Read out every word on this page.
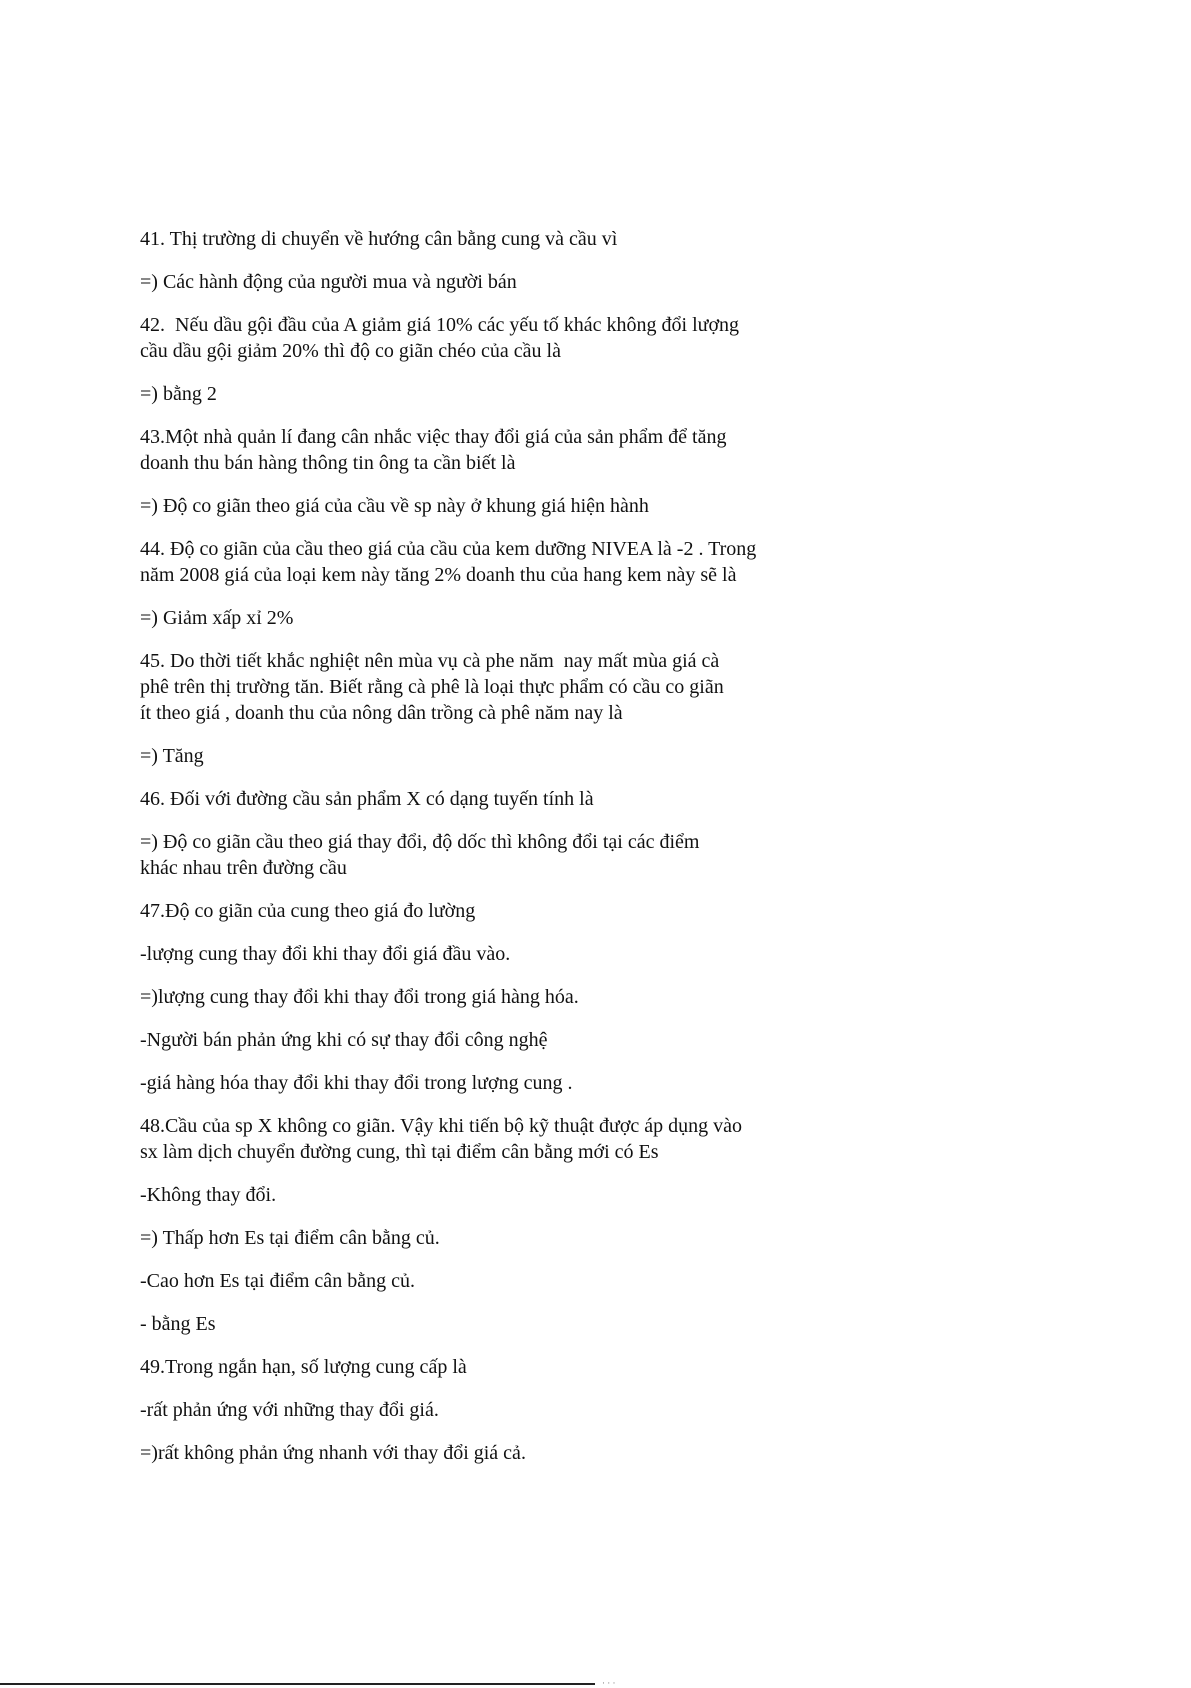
41. Thị trường di chuyển về hướng cân bằng cung và cầu vì
=) Các hành động của người mua và người bán
42.  Nếu dầu gội đầu của A giảm giá 10% các yếu tố khác không đổi lượng
cầu dầu gội giảm 20% thì độ co giãn chéo của cầu là
=) bằng 2
43.Một nhà quản lí đang cân nhắc việc thay đổi giá của sản phẩm để tăng
doanh thu bán hàng thông tin ông ta cần biết là
=) Độ co giãn theo giá của cầu về sp này ở khung giá hiện hành
44. Độ co giãn của cầu theo giá của cầu của kem dưỡng NIVEA là -2 . Trong
năm 2008 giá của loại kem này tăng 2% doanh thu của hang kem này sẽ là
=) Giảm xấp xỉ 2%
45. Do thời tiết khắc nghiệt nên mùa vụ cà phe năm  nay mất mùa giá cà
phê trên thị trường tăn. Biết rằng cà phê là loại thực phẩm có cầu co giãn
ít theo giá , doanh thu của nông dân trồng cà phê năm nay là
=) Tăng
46. Đối với đường cầu sản phẩm X có dạng tuyến tính là
=) Độ co giãn cầu theo giá thay đổi, độ dốc thì không đổi tại các điểm
khác nhau trên đường cầu
47.Độ co giãn của cung theo giá đo lường
-lượng cung thay đổi khi thay đổi giá đầu vào.
=)lượng cung thay đổi khi thay đổi trong giá hàng hóa.
-Người bán phản ứng khi có sự thay đổi công nghệ
-giá hàng hóa thay đổi khi thay đổi trong lượng cung .
48.Cầu của sp X không co giãn. Vậy khi tiến bộ kỹ thuật được áp dụng vào
sx làm dịch chuyển đường cung, thì tại điểm cân bằng mới có Es
-Không thay đổi.
=) Thấp hơn Es tại điểm cân bằng củ.
-Cao hơn Es tại điểm cân bằng củ.
- bằng Es
49.Trong ngắn hạn, số lượng cung cấp là
-rất phản ứng với những thay đổi giá.
=)rất không phản ứng nhanh với thay đổi giá cả.
· · ·
